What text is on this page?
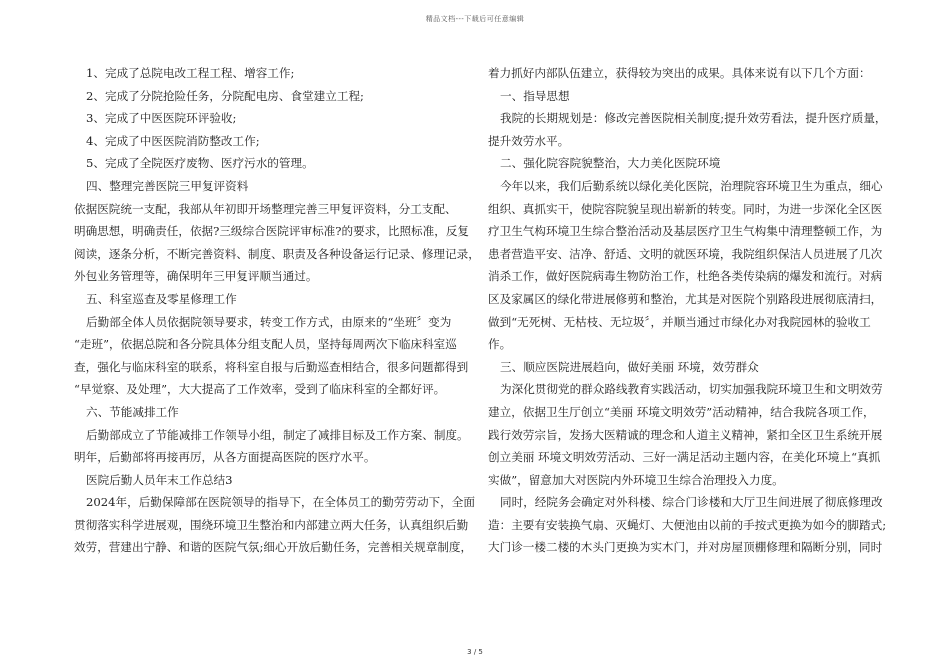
精品文档---下载后可任意编辑
1、完成了总院电改工程工程、增容工作;
2、完成了分院抢险任务，分院配电房、食堂建立工程;
3、完成了中医医院环评验收;
4、完成了中医医院消防整改工作;
5、完成了全院医疗废物、医疗污水的管理。
四、整理完善医院三甲复评资料
依据医院统一支配，我部从年初即开场整理完善三甲复评资料，分工支配、
明确思想，明确责任，依据?三级综合医院评审标准?的要求，比照标准，反复
阅读，逐条分析，不断完善资料、制度、职责及各种设备运行记录、修理记录，
外包业务管理等，确保明年三甲复评顺当通过。
五、科室巡查及零星修理工作
后勤部全体人员依据院领导要求，转变工作方式，由原来的“坐班〞变为
“走班”，依据总院和各分院具体分组支配人员，坚持每周两次下临床科室巡
查，强化与临床科室的联系，将科室自报与后勤巡查相结合，很多问题都得到
“早觉察、及处理”，大大提高了工作效率，受到了临床科室的全都好评。
六、节能减排工作
后勤部成立了节能减排工作领导小组，制定了减排目标及工作方案、制度。
明年，后勤部将再接再厉，从各方面提高医院的医疗水平。
医院后勤人员年末工作总结3
2024年，后勤保障部在医院领导的指导下，在全体员工的勤劳劳动下，全面
贯彻落实科学进展观，围绕环境卫生整治和内部建立两大任务，认真组织后勤
效劳，营建出宁静、和谐的医院气氛;细心开放后勤任务，完善相关规章制度，
着力抓好内部队伍建立，获得较为突出的成果。具体来说有以下几个方面：
一、指导思想
我院的长期规划是：修改完善医院相关制度;提升效劳看法，提升医疗质量，
提升效劳水平。
二、强化院容院貌整治，大力美化医院环境
今年以来，我们后勤系统以绿化美化医院，治理院容环境卫生为重点，细心
组织、真抓实干，使院容院貌呈现出崭新的转变。同时，为进一步深化全区医
疗卫生气构环境卫生综合整治活动及基层医疗卫生气构集中清理整顿工作，为
患者营造平安、洁净、舒适、文明的就医环境，我院组织保洁人员进展了几次
消杀工作，做好医院病毒生物防治工作，杜绝各类传染病的爆发和流行。对病
区及家属区的绿化带进展修剪和整治，尤其是对医院个别路段进展彻底清扫，
做到“无死树、无枯枝、无垃圾〞，并顺当通过市绿化办对我院园林的验收工
作。
三、顺应医院进展趋向，做好美丽 环境，效劳群众
为深化贯彻党的群众路线教育实践活动，切实加强我院环境卫生和文明效劳
建立，依据卫生厅创立“美丽 环境文明效劳”活动精神，结合我院各项工作，
践行效劳宗旨，发扬大医精诚的理念和人道主义精神，紧扣全区卫生系统开展
创立美丽 环境文明效劳活动、三好一满足活动主题内容，在美化环境上“真抓
实做”，留意加大对医院内外环境卫生综合治理投入力度。
同时，经院务会确定对外科楼、综合门诊楼和大厅卫生间进展了彻底修理改
造：主要有安装换气扇、灭蝇灯、大便池由以前的手按式更换为如今的脚踏式;
大门诊一楼二楼的木头门更换为实木门，并对房屋顶棚修理和隔断分别，同时
3 / 5
